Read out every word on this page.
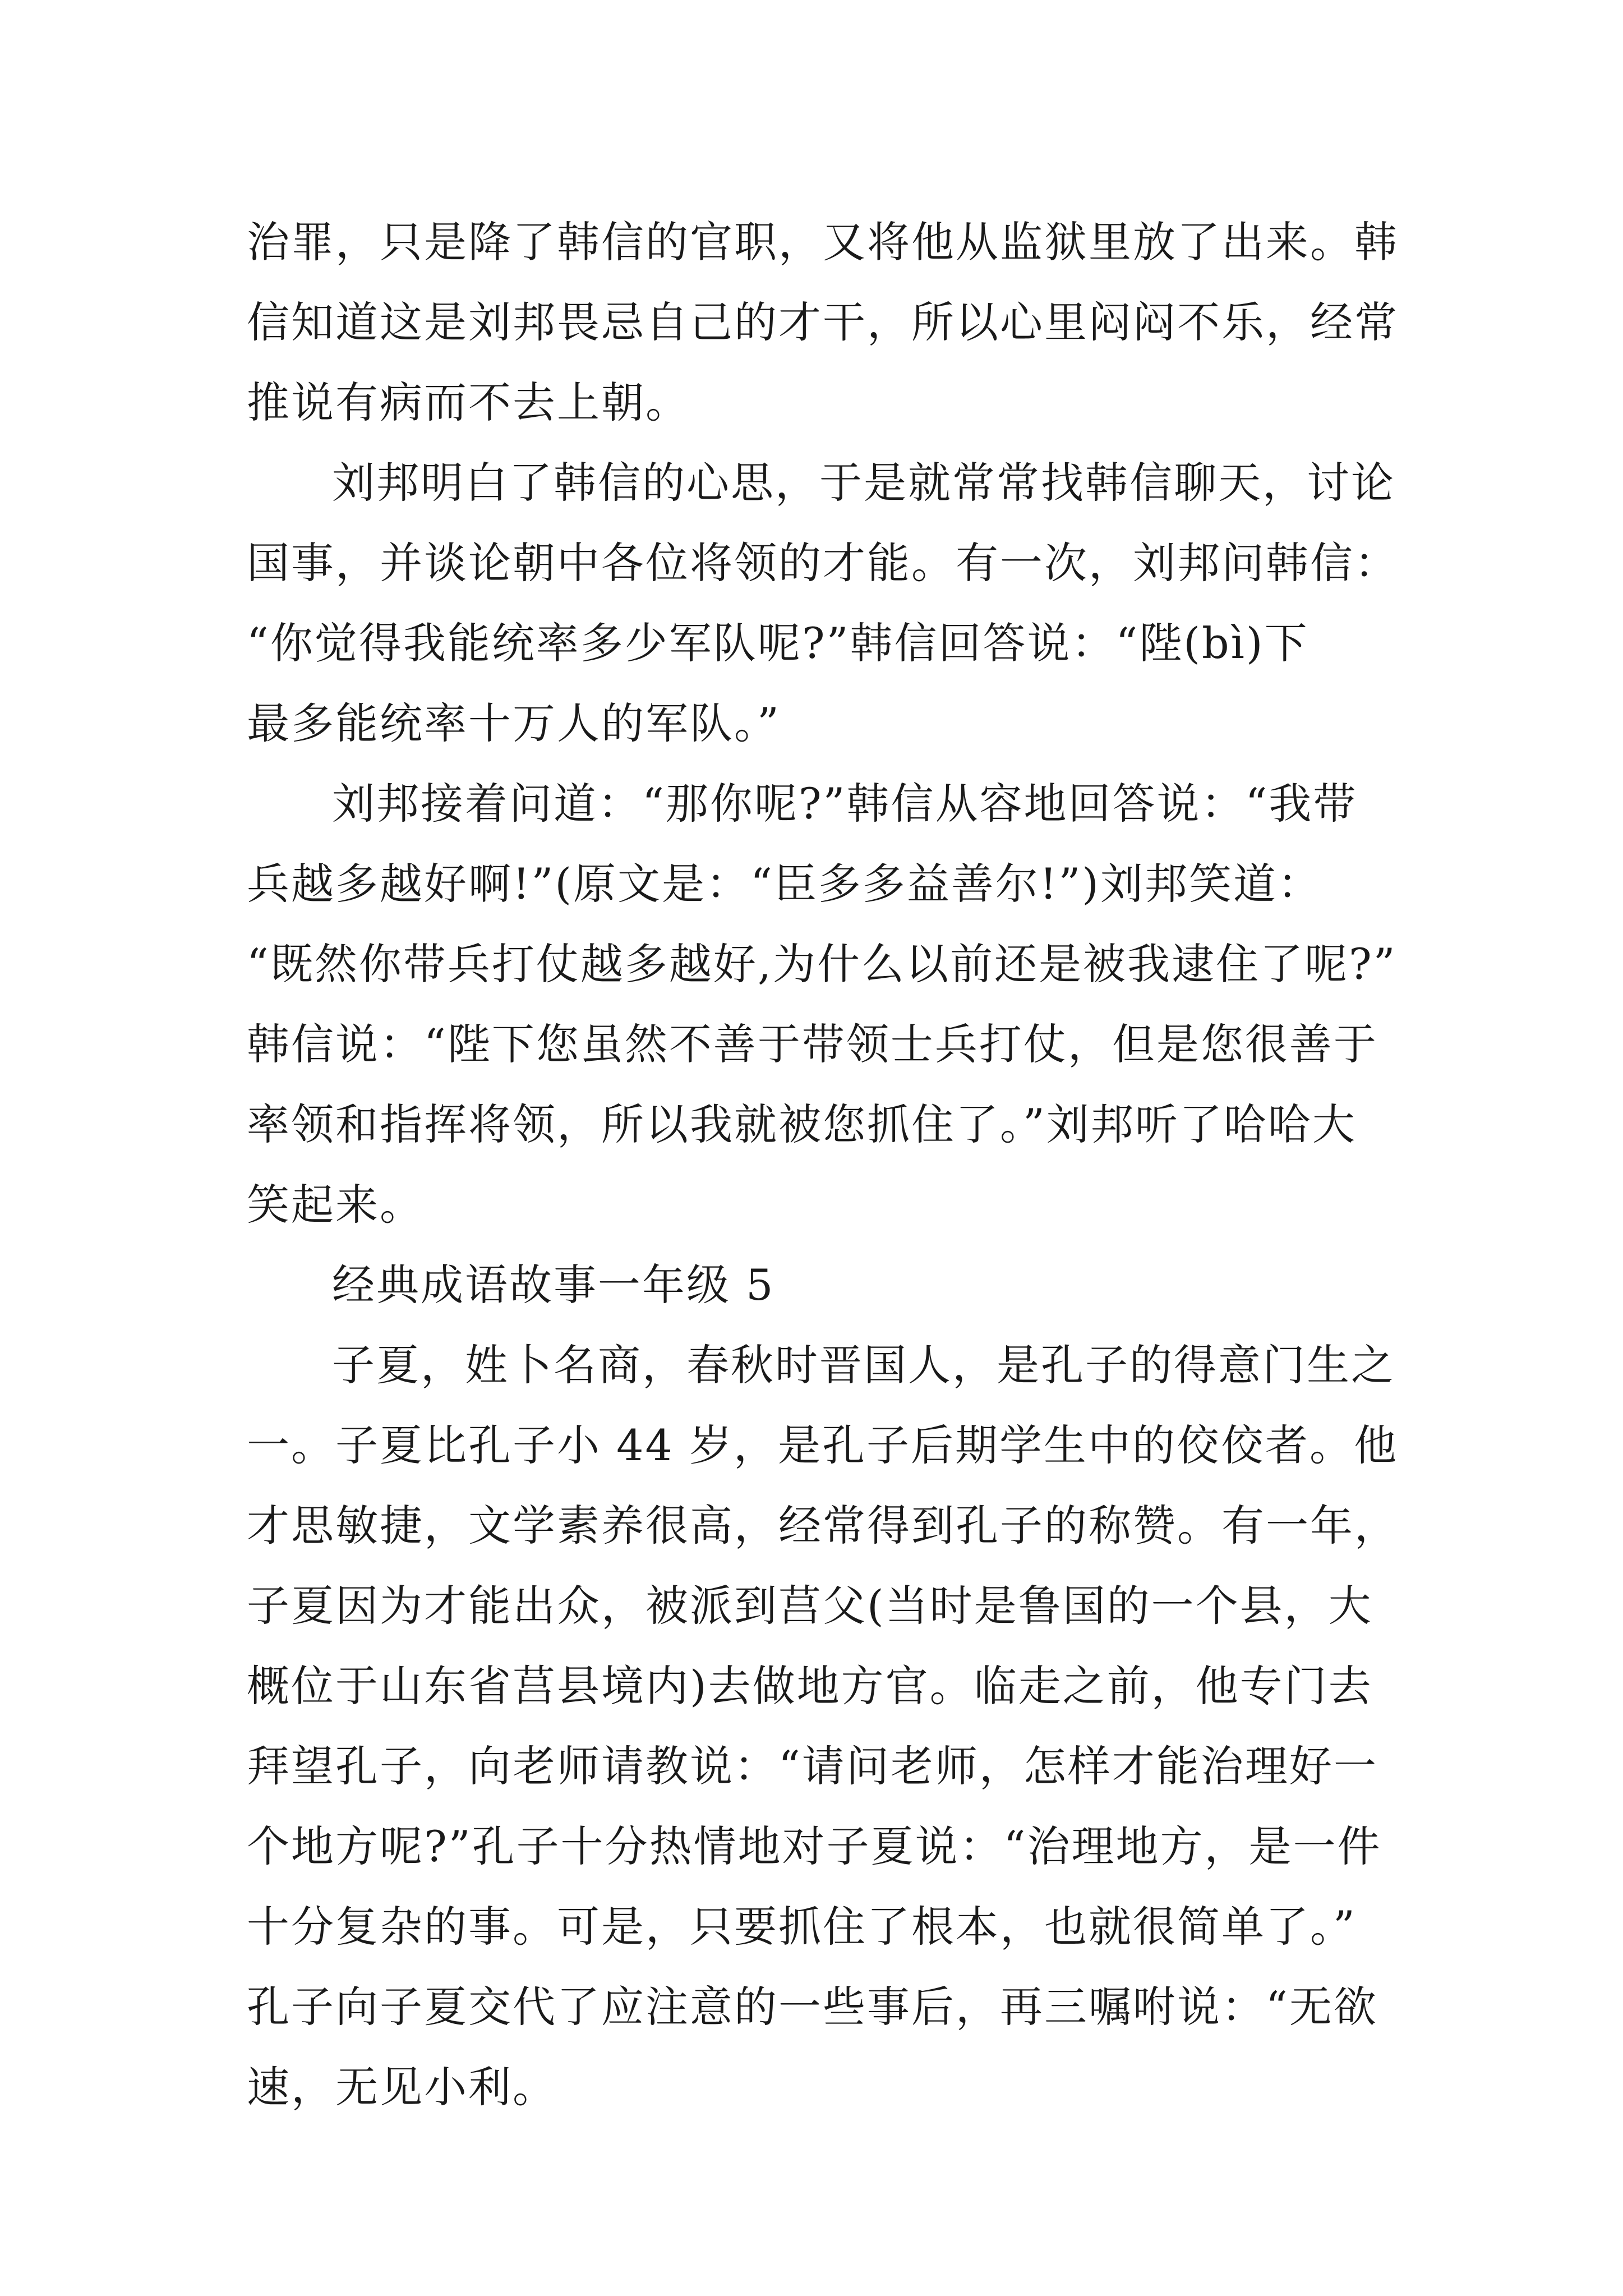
治罪，只是降了韩信的官职，又将他从监狱里放了出来。韩
信知道这是刘邦畏忌自己的才干，所以心里闷闷不乐，经常
推说有病而不去上朝。
刘邦明白了韩信的心思，于是就常常找韩信聊天，讨论
国事，并谈论朝中各位将领的才能。有一次，刘邦问韩信：
“你觉得我能统率多少军队呢?”韩信回答说：“陛(bì)下
最多能统率十万人的军队。”
刘邦接着问道：“那你呢?”韩信从容地回答说：“我带
兵越多越好啊!”(原文是：“臣多多益善尔!”)刘邦笑道：
“既然你带兵打仗越多越好,为什么以前还是被我逮住了呢?”
韩信说：“陛下您虽然不善于带领士兵打仗，但是您很善于
率领和指挥将领，所以我就被您抓住了。”刘邦听了哈哈大
笑起来。
经典成语故事一年级 5
子夏，姓卜名商，春秋时晋国人，是孔子的得意门生之
一。子夏比孔子小 44 岁，是孔子后期学生中的佼佼者。他
才思敏捷，文学素养很高，经常得到孔子的称赞。有一年，
子夏因为才能出众，被派到莒父(当时是鲁国的一个县，大
概位于山东省莒县境内)去做地方官。临走之前，他专门去
拜望孔子，向老师请教说：“请问老师，怎样才能治理好一
个地方呢?”孔子十分热情地对子夏说：“治理地方，是一件
十分复杂的事。可是，只要抓住了根本，也就很简单了。”
孔子向子夏交代了应注意的一些事后，再三嘱咐说：“无欲
速，无见小利。
